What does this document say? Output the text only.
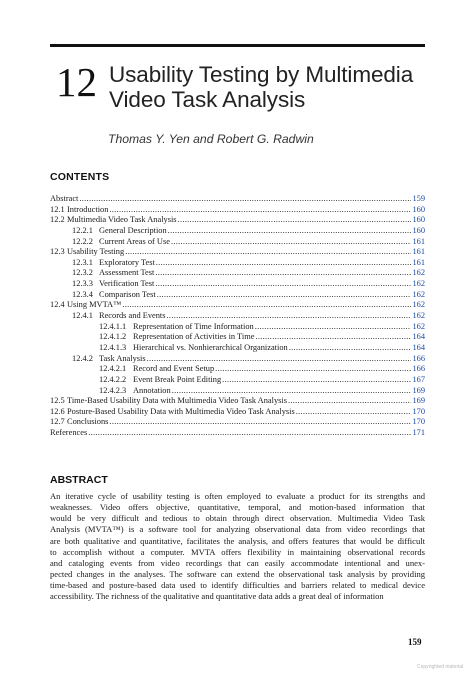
12 Usability Testing by Multimedia
Video Task Analysis
Thomas Y. Yen and Robert G. Radwin
CONTENTS
Abstract .....	159
12.1 Introduction .....	160
12.2 Multimedia Video Task Analysis .....	160
12.2.1 General Description .....	160
12.2.2 Current Areas of Use .....	161
12.3 Usability Testing .....	161
12.3.1 Exploratory Test .....	161
12.3.2 Assessment Test .....	162
12.3.3 Verification Test .....	162
12.3.4 Comparison Test .....	162
12.4 Using MVTA™ .....	162
12.4.1 Records and Events .....	162
12.4.1.1 Representation of Time Information .....	162
12.4.1.2 Representation of Activities in Time .....	164
12.4.1.3 Hierarchical vs. Nonhierarchical Organization .....	164
12.4.2 Task Analysis .....	166
12.4.2.1 Record and Event Setup .....	166
12.4.2.2 Event Break Point Editing .....	167
12.4.2.3 Annotation .....	169
12.5 Time-Based Usability Data with Multimedia Video Task Analysis .....	169
12.6 Posture-Based Usability Data with Multimedia Video Task Analysis .....	170
12.7 Conclusions .....	170
References .....	171
ABSTRACT
An iterative cycle of usability testing is often employed to evaluate a product for its strengths and
weaknesses. Video offers objective, quantitative, temporal, and motion-based information that
would be very difficult and tedious to obtain through direct observation. Multimedia Video Task
Analysis (MVTA™) is a software tool for analyzing observational data from video recordings that
are both qualitative and quantitative, facilitates the analysis, and offers features that would be difficult
to accomplish without a computer. MVTA offers flexibility in maintaining observational records
and cataloging events from video recordings that can easily accommodate intentional and unex-
pected changes in the analyses. The software can extend the observational task analysis by providing
time-based and posture-based data used to identify difficulties and barriers related to medical device
accessibility. The richness of the qualitative and quantitative data adds a great deal of information
159
Copyrighted material
